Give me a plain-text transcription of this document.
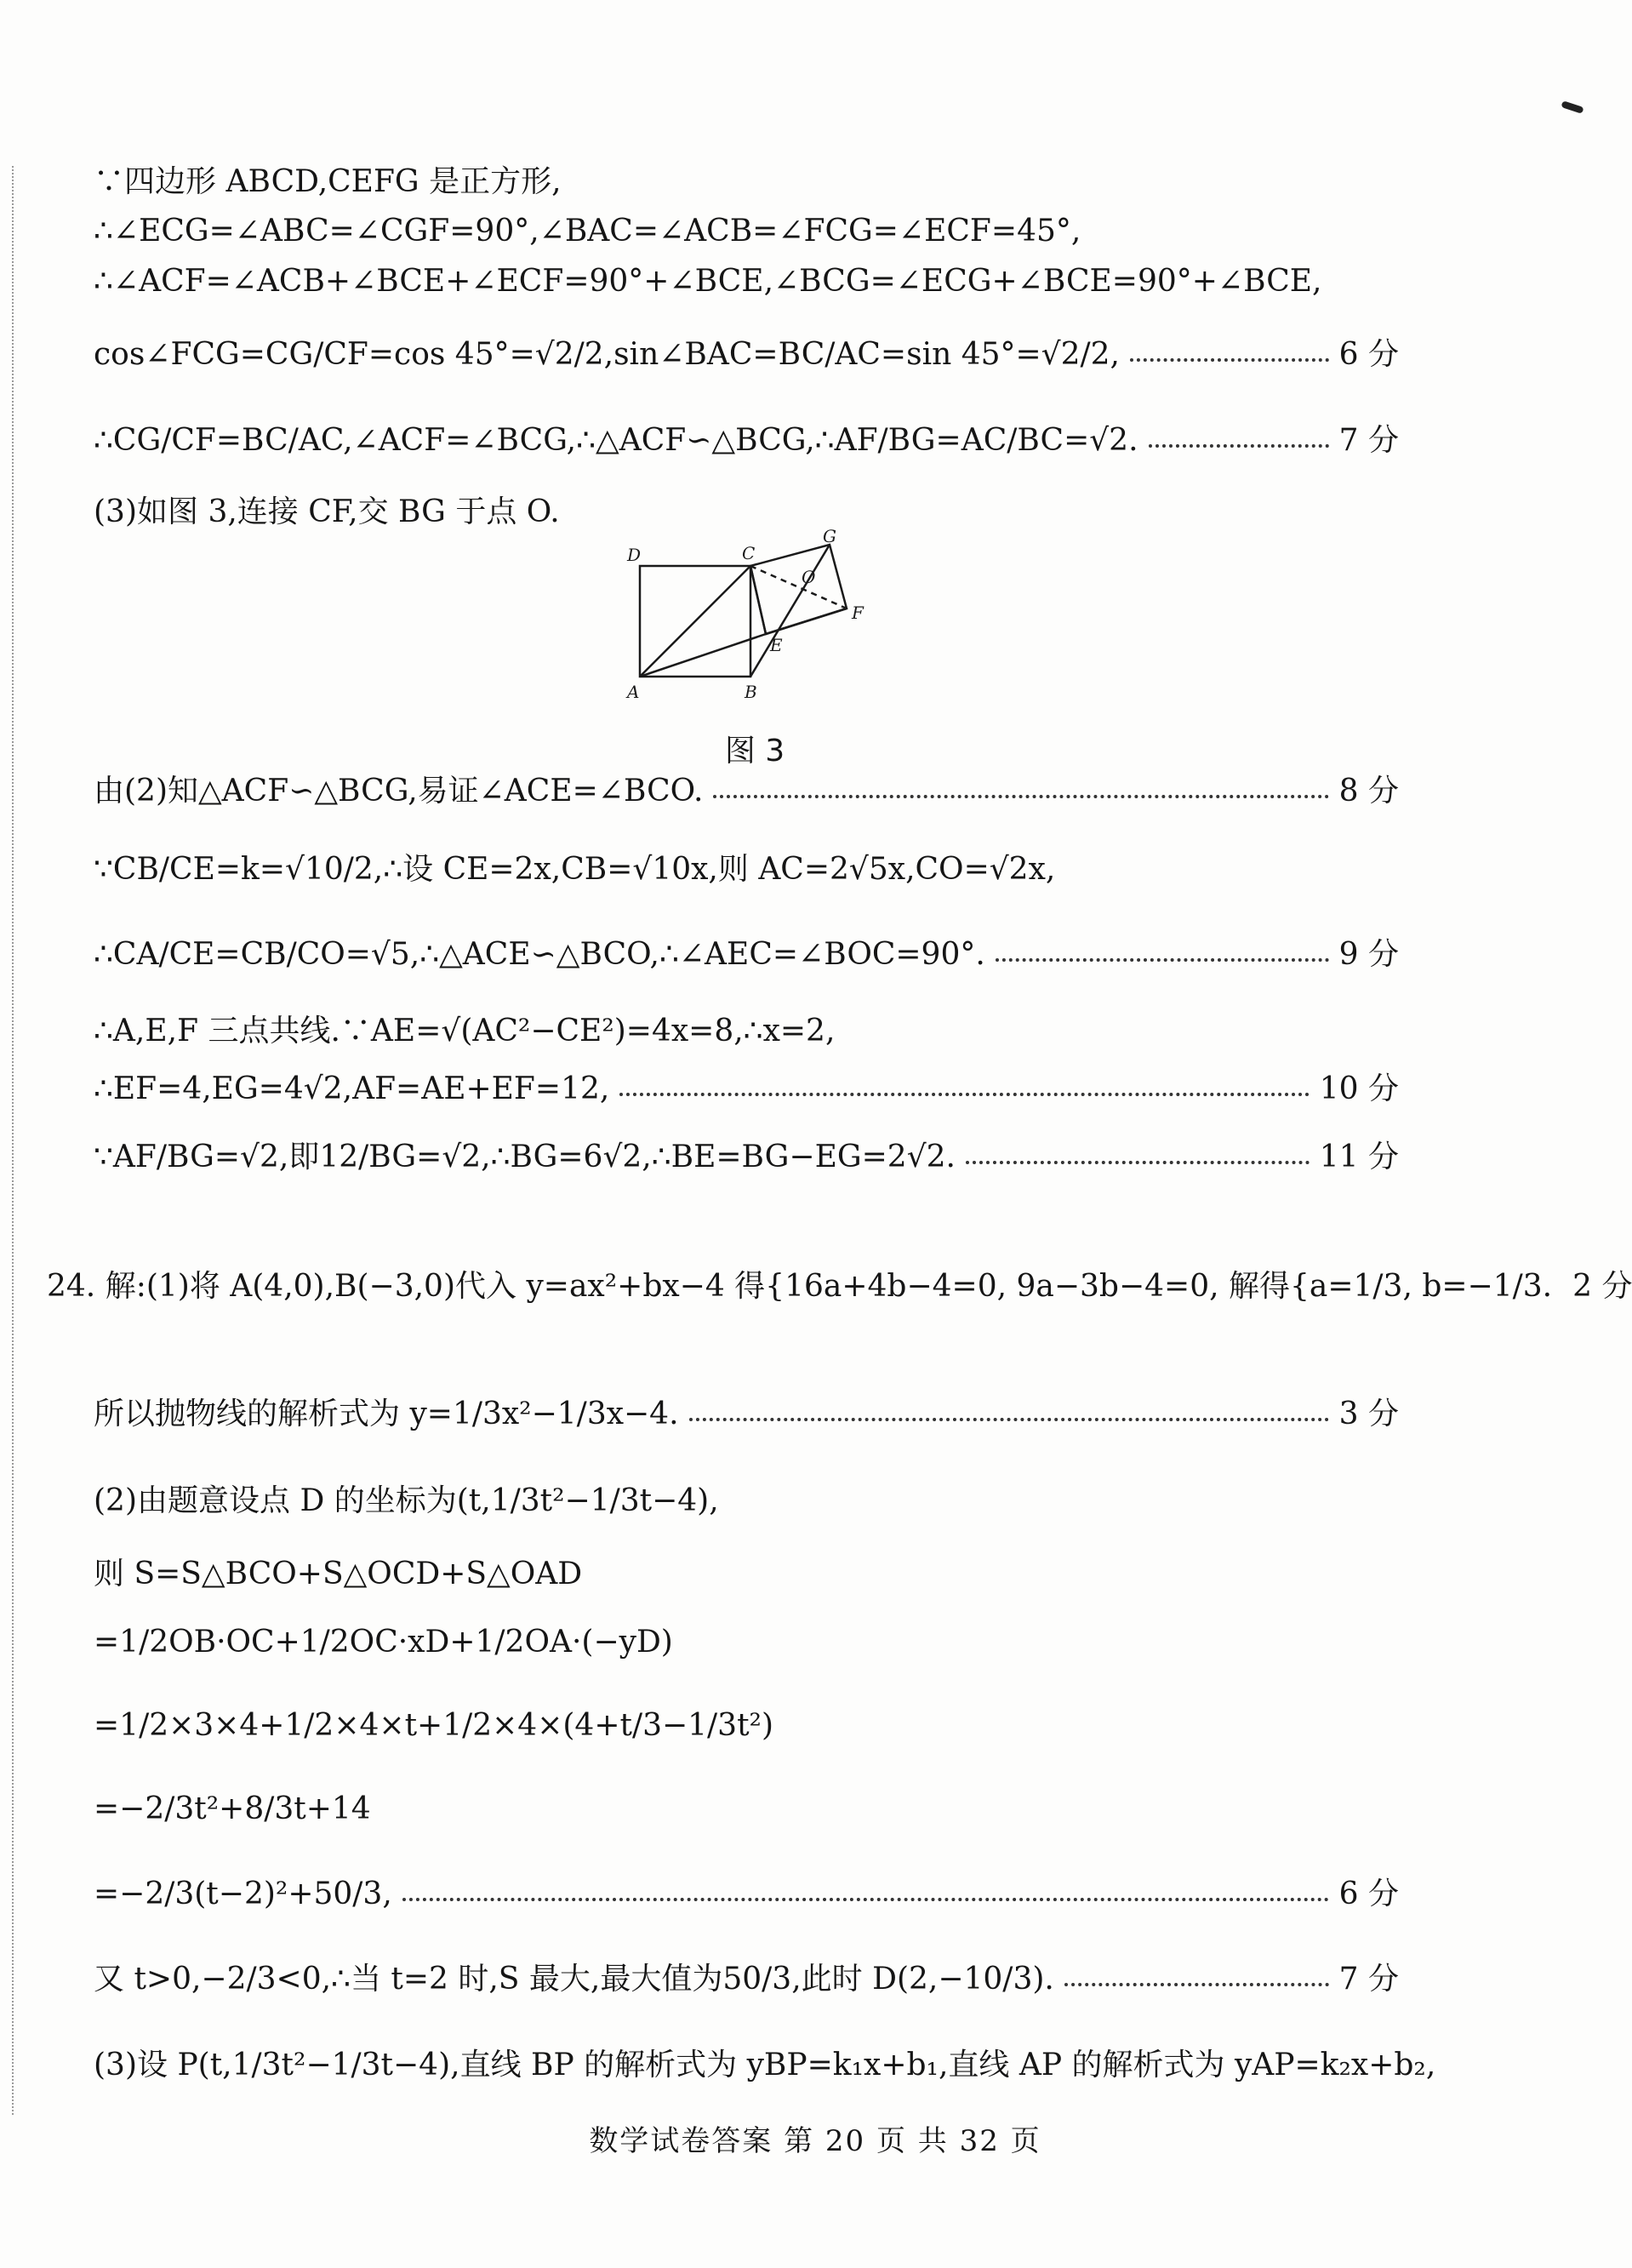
∵四边形 ABCD,CEFG 是正方形,
∴∠ECG=∠ABC=∠CGF=90°,∠BAC=∠ACB=∠FCG=∠ECF=45°,
∴∠ACF=∠ACB+∠BCE+∠ECF=90°+∠BCE,∠BCG=∠ECG+∠BCE=90°+∠BCE,
cos∠FCG=CG/CF=cos 45°=√2/2,sin∠BAC=BC/AC=sin 45°=√2/2,	6 分
∴CG/CF=BC/AC,∠ACF=∠BCG,∴△ACF∽△BCG,∴AF/BG=AC/BC=√2.	7 分
(3)如图 3,连接 CF,交 BG 于点 O.
D	C
G
O
F
E
A	B
图 3
由(2)知△ACF∽△BCG,易证∠ACE=∠BCO.	8 分
∵CB/CE=k=√10/2,∴设 CE=2x,CB=√10x,则 AC=2√5x,CO=√2x,
∴CA/CE=CB/CO=√5,∴△ACE∽△BCO,∴∠AEC=∠BOC=90°.	9 分
∴A,E,F 三点共线.∵AE=√(AC²−CE²)=4x=8,∴x=2,
∴EF=4,EG=4√2,AF=AE+EF=12,	10 分
∵AF/BG=√2,即12/BG=√2,∴BG=6√2,∴BE=BG−EG=2√2.	11 分
24. 解:(1)将 A(4,0),B(−3,0)代入 y=ax²+bx−4 得{16a+4b−4=0, 9a−3b−4=0, 解得{a=1/3, b=−1/3. 2 分
所以抛物线的解析式为 y=1/3x²−1/3x−4.	3 分
(2)由题意设点 D 的坐标为(t,1/3t²−1/3t−4),
则 S=S△BCO+S△OCD+S△OAD
=1/2OB·OC+1/2OC·xD+1/2OA·(−yD)
=1/2×3×4+1/2×4×t+1/2×4×(4+t/3−1/3t²)
=−2/3t²+8/3t+14
=−2/3(t−2)²+50/3,	6 分
又 t>0,−2/3<0,∴当 t=2 时,S 最大,最大值为50/3,此时 D(2,−10/3).	7 分
(3)设 P(t,1/3t²−1/3t−4),直线 BP 的解析式为 yBP=k₁x+b₁,直线 AP 的解析式为 yAP=k₂x+b₂,
数学试卷答案 第 20 页 共 32 页
